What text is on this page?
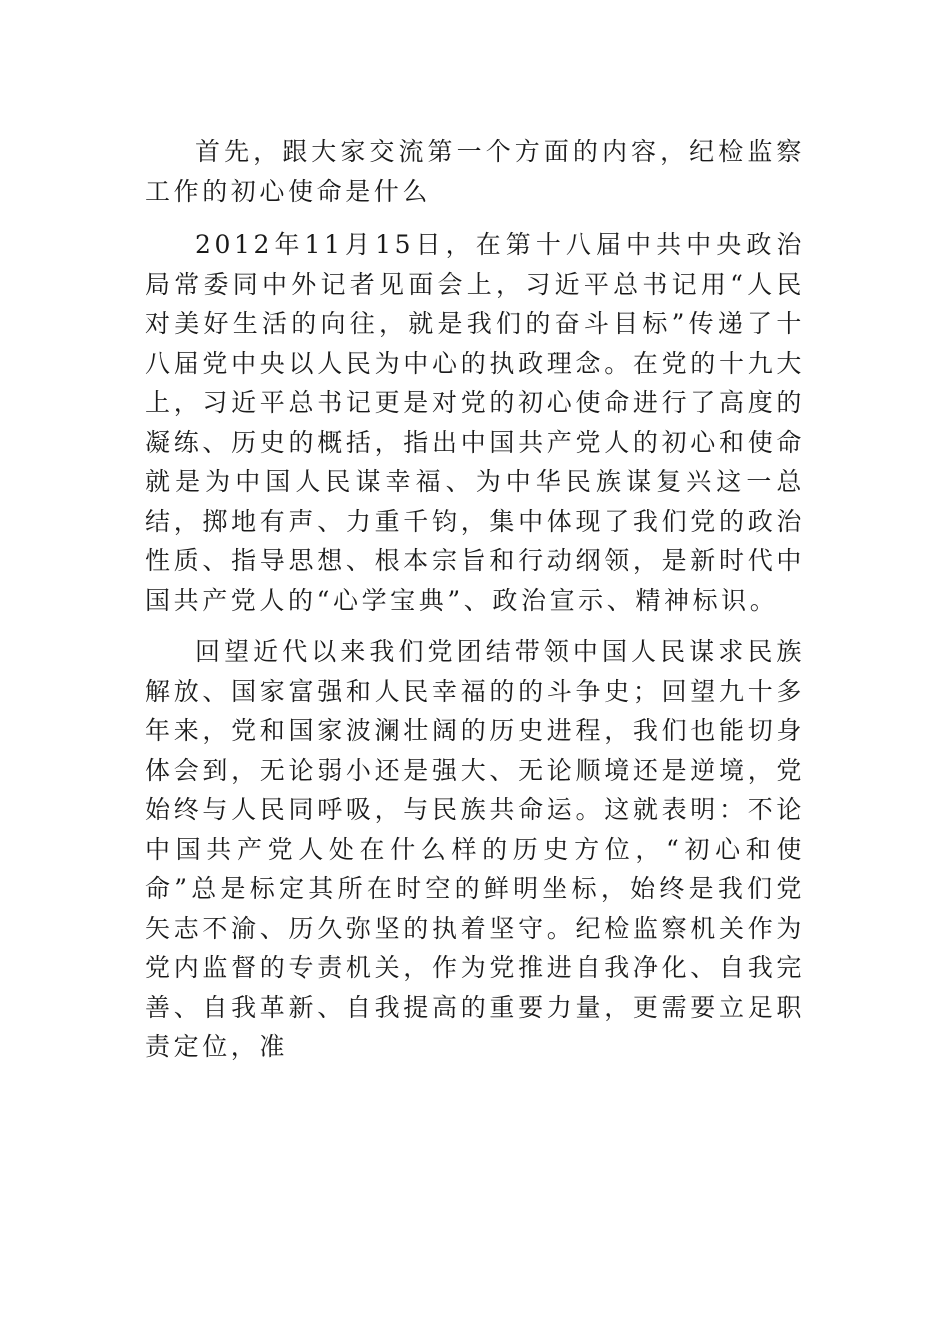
首先，跟大家交流第一个方面的内容，纪检监察工作的初心使命是什么

2012年11月15日，在第十八届中共中央政治局常委同中外记者见面会上，习近平总书记用“人民对美好生活的向往，就是我们的奋斗目标”传递了十八届党中央以人民为中心的执政理念。在党的十九大上，习近平总书记更是对党的初心使命进行了高度的凝练、历史的概括，指出中国共产党人的初心和使命就是为中国人民谋幸福、为中华民族谋复兴这一总结，掷地有声、力重千钧，集中体现了我们党的政治性质、指导思想、根本宗旨和行动纲领，是新时代中国共产党人的“心学宝典”、政治宣示、精神标识。

回望近代以来我们党团结带领中国人民谋求民族解放、国家富强和人民幸福的的斗争史；回望九十多年来，党和国家波澜壮阔的历史进程，我们也能切身体会到，无论弱小还是强大、无论顺境还是逆境，党始终与人民同呼吸，与民族共命运。这就表明：不论中国共产党人处在什么样的历史方位，“初心和使命”总是标定其所在时空的鲜明坐标，始终是我们党矢志不渝、历久弥坚的执着坚守。纪检监察机关作为党内监督的专责机关，作为党推进自我净化、自我完善、自我革新、自我提高的重要力量，更需要立足职责定位，准
